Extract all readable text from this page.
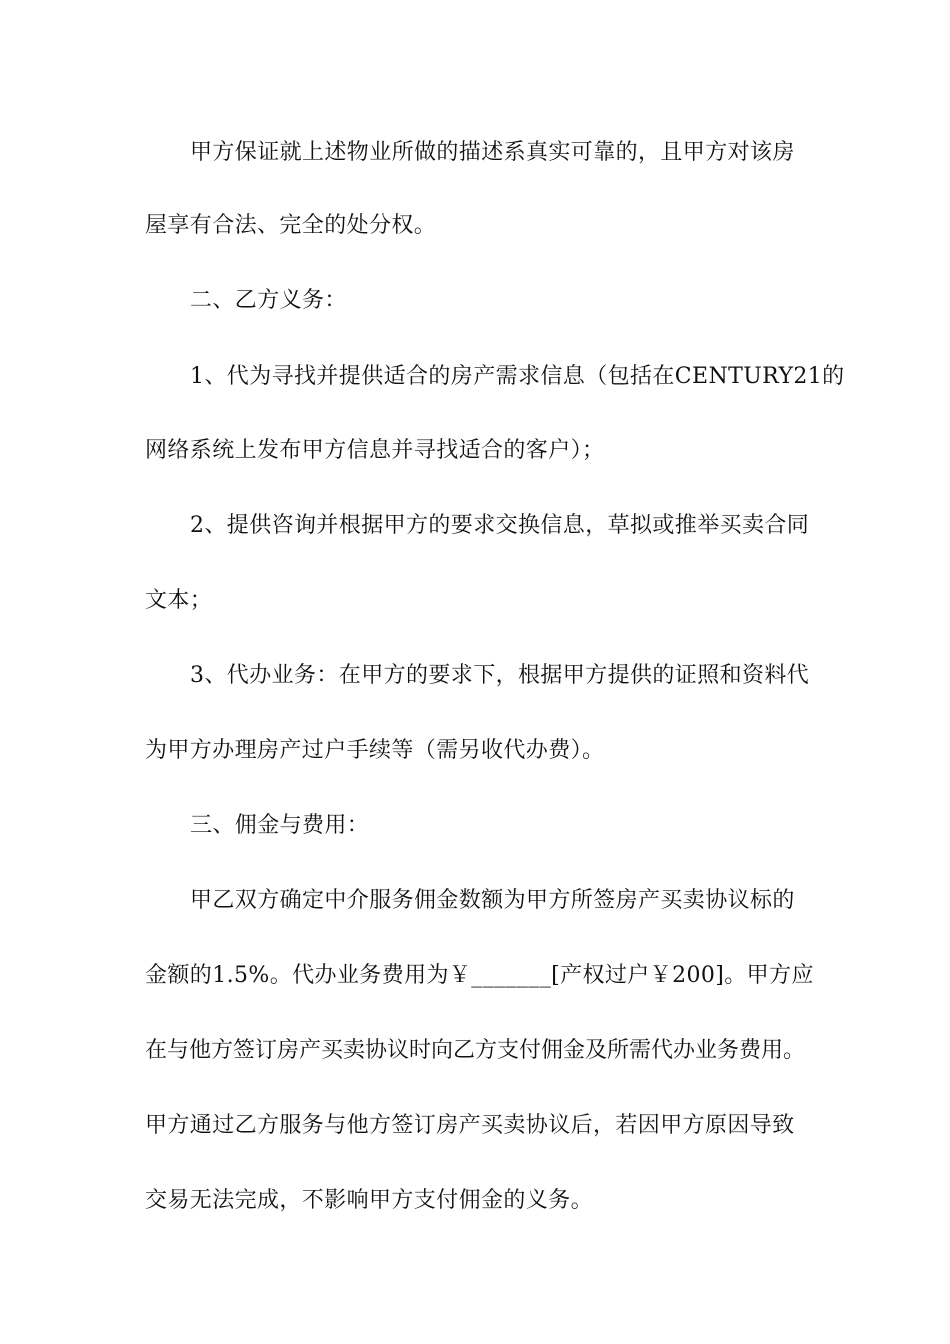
甲方保证就上述物业所做的描述系真实可靠的，且甲方对该房
屋享有合法、完全的处分权。
二、乙方义务：
1、代为寻找并提供适合的房产需求信息（包括在CENTURY21的
网络系统上发布甲方信息并寻找适合的客户）；
2、提供咨询并根据甲方的要求交换信息，草拟或推举买卖合同
文本；
3、代办业务：在甲方的要求下，根据甲方提供的证照和资料代
为甲方办理房产过户手续等（需另收代办费）。
三、佣金与费用：
甲乙双方确定中介服务佣金数额为甲方所签房产买卖协议标的
金额的1.5%。代办业务费用为￥_______[产权过户￥200]。甲方应
在与他方签订房产买卖协议时向乙方支付佣金及所需代办业务费用。
甲方通过乙方服务与他方签订房产买卖协议后，若因甲方原因导致
交易无法完成，不影响甲方支付佣金的义务。
